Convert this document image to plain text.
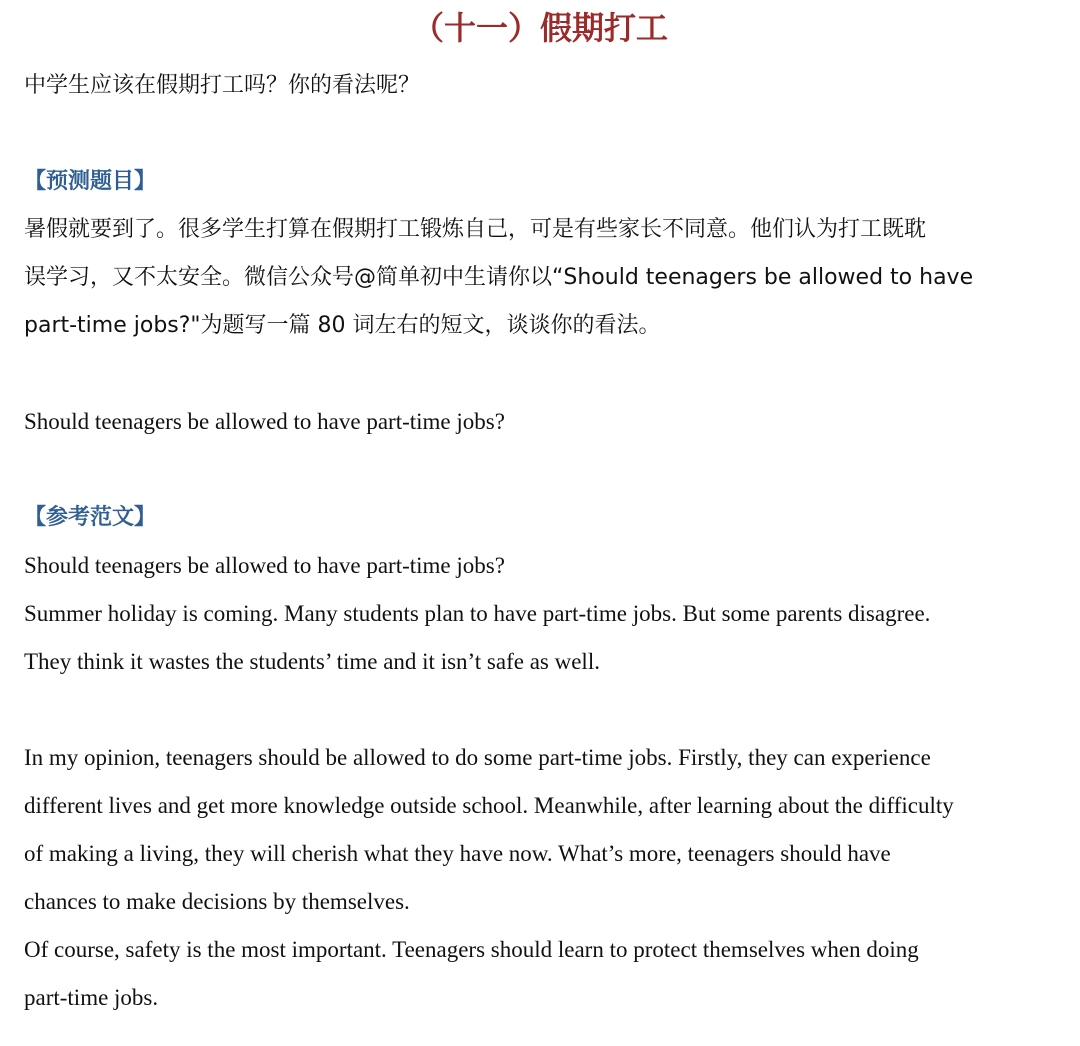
（十一）假期打工

中学生应该在假期打工吗？你的看法呢？

【预测题目】

暑假就要到了。很多学生打算在假期打工锻炼自己，可是有些家长不同意。他们认为打工既耽

误学习，又不太安全。微信公众号@简单初中生请你以“Should teenagers be allowed to have

part-time jobs?"为题写一篇 80 词左右的短文，谈谈你的看法。

Should teenagers be allowed to have part-time jobs?

【参考范文】

Should teenagers be allowed to have part-time jobs?

Summer holiday is coming. Many students plan to have part-time jobs. But some parents disagree.

They think it wastes the students’ time and it isn’t safe as well.

In my opinion, teenagers should be allowed to do some part-time jobs. Firstly, they can experience

different lives and get more knowledge outside school. Meanwhile, after learning about the difficulty

of making a living, they will cherish what they have now. What’s more, teenagers should have

chances to make decisions by themselves.

Of course, safety is the most important. Teenagers should learn to protect themselves when doing

part-time jobs.
